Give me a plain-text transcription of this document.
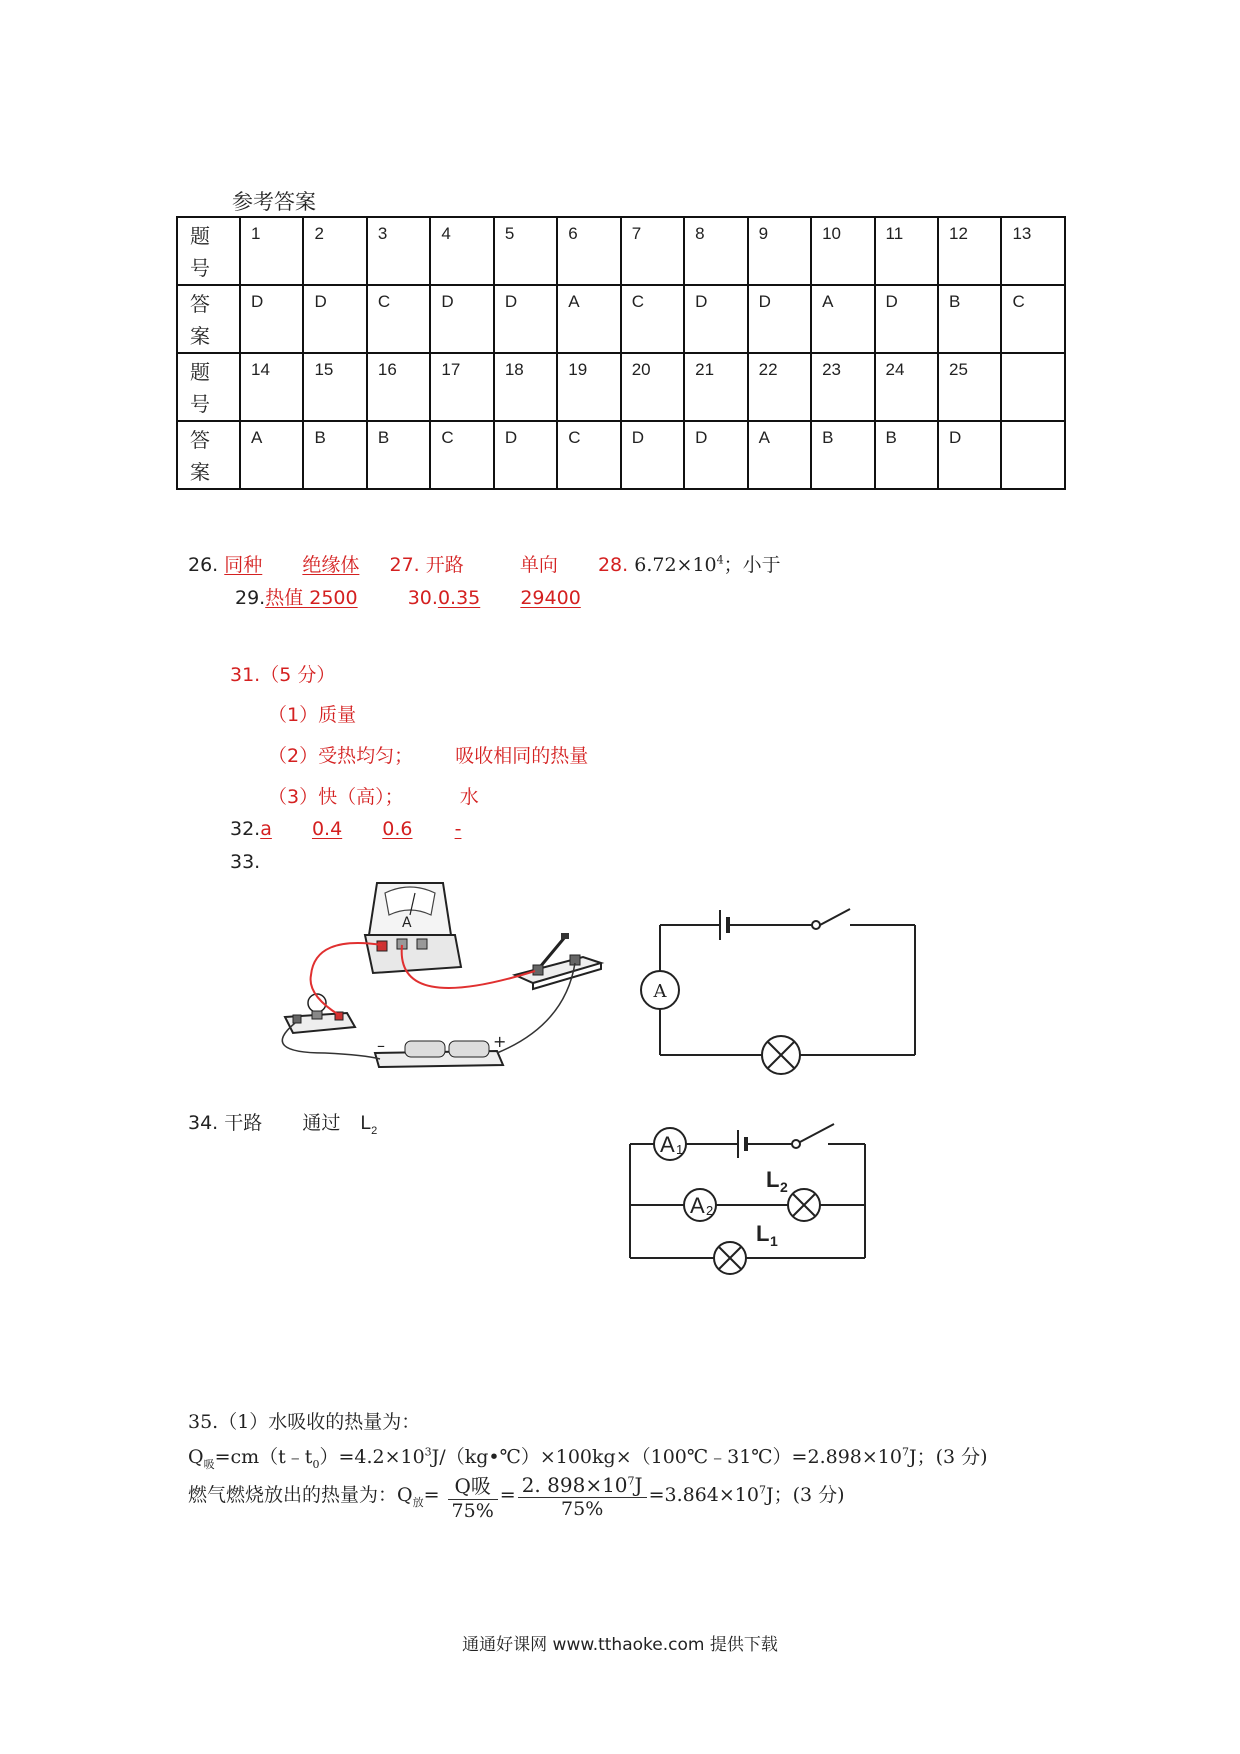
参考答案
题
号	1	2	3	4	5	6	7	8	9	10	11	12	13
答
案	D	D	C	D	D	A	C	D	D	A	D	B	C
题
号	14	15	16	17	18	19	20	21	22	23	24	25	
答
案	A	B	B	C	D	C	D	D	A	B	B	D	
26. 同种 绝缘体 27. 开路	单向 28. $6.72\times 10^4$；小于
29.热值 2500	30.0.35 29400
31.（5 分）
（1）质量
（2）受热均匀； 吸收相同的热量
（3）快（高）；	水
32.a 0.4 0.6 -
33.
A
–	+
A
34. 干路 通过 $L_2$
A 1
A 2
L 2
L 1
35.（1）水吸收的热量为：
$Q_吸=cm(t﹣t_0)=4.2\times 10^3J/(kg•℃)\times 100kg\times(100℃﹣31℃)=2.898\times 10^7J$；(3 分)
燃气燃烧放出的热量为：$Q_放= \frac{\text{Q吸}}{75\%} = \frac{2. 898\times 10^7J}{75\%} =3.864\times 10^7J$；(3 分)
通通好课网 www.tthaoke.com 提供下载
